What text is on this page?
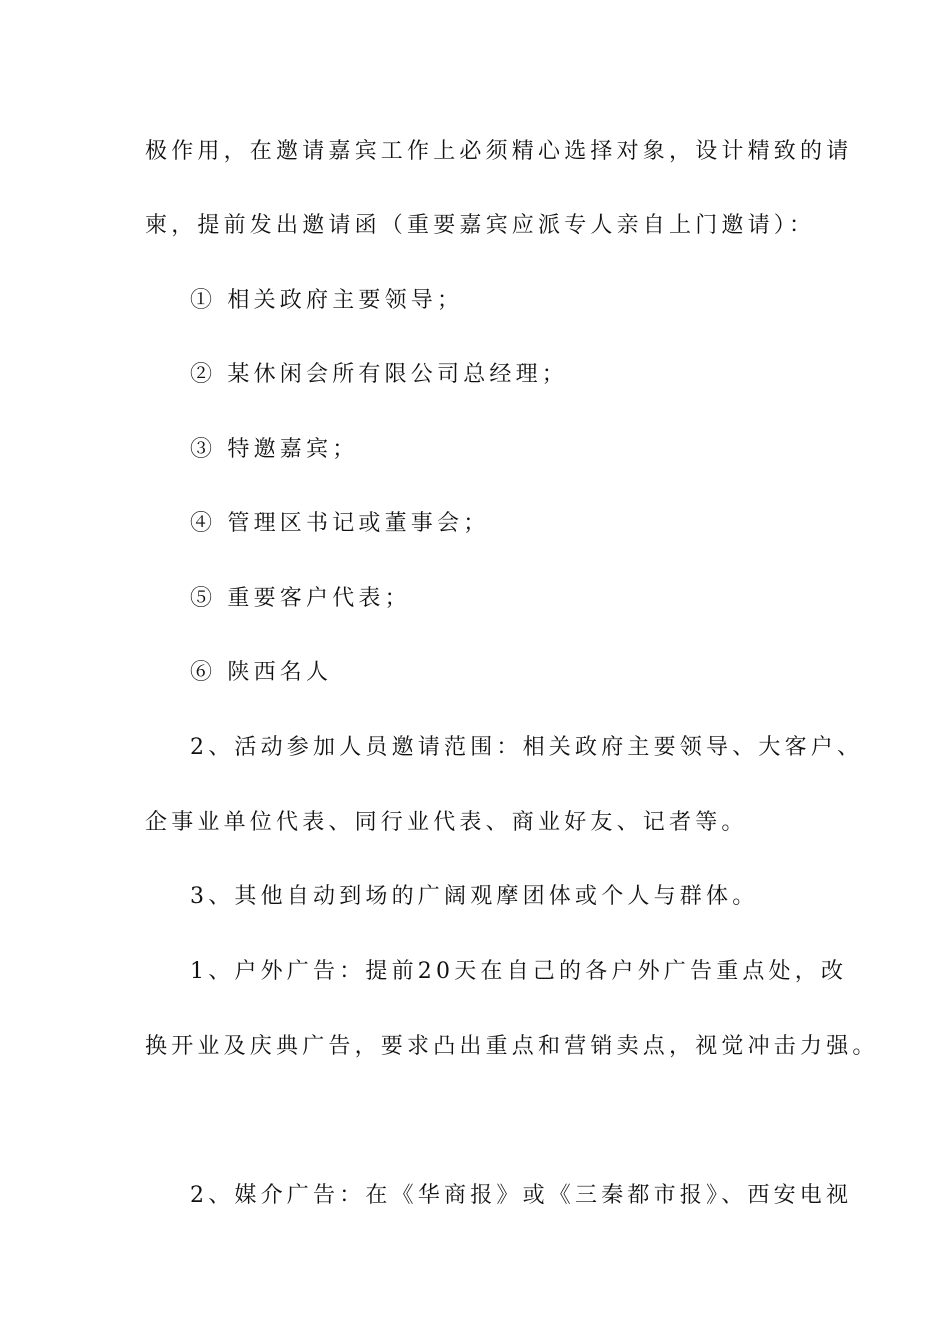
极作用，在邀请嘉宾工作上必须精心选择对象，设计精致的请
柬，提前发出邀请函（重要嘉宾应派专人亲自上门邀请）：
① 相关政府主要领导；
② 某休闲会所有限公司总经理；
③ 特邀嘉宾；
④ 管理区书记或董事会；
⑤ 重要客户代表；
⑥ 陕西名人
2、活动参加人员邀请范围：相关政府主要领导、大客户、
企事业单位代表、同行业代表、商业好友、记者等。
3、其他自动到场的广阔观摩团体或个人与群体。
1、户外广告：提前20天在自己的各户外广告重点处，改
换开业及庆典广告，要求凸出重点和营销卖点，视觉冲击力强。
2、媒介广告：在《华商报》或《三秦都市报》、西安电视
